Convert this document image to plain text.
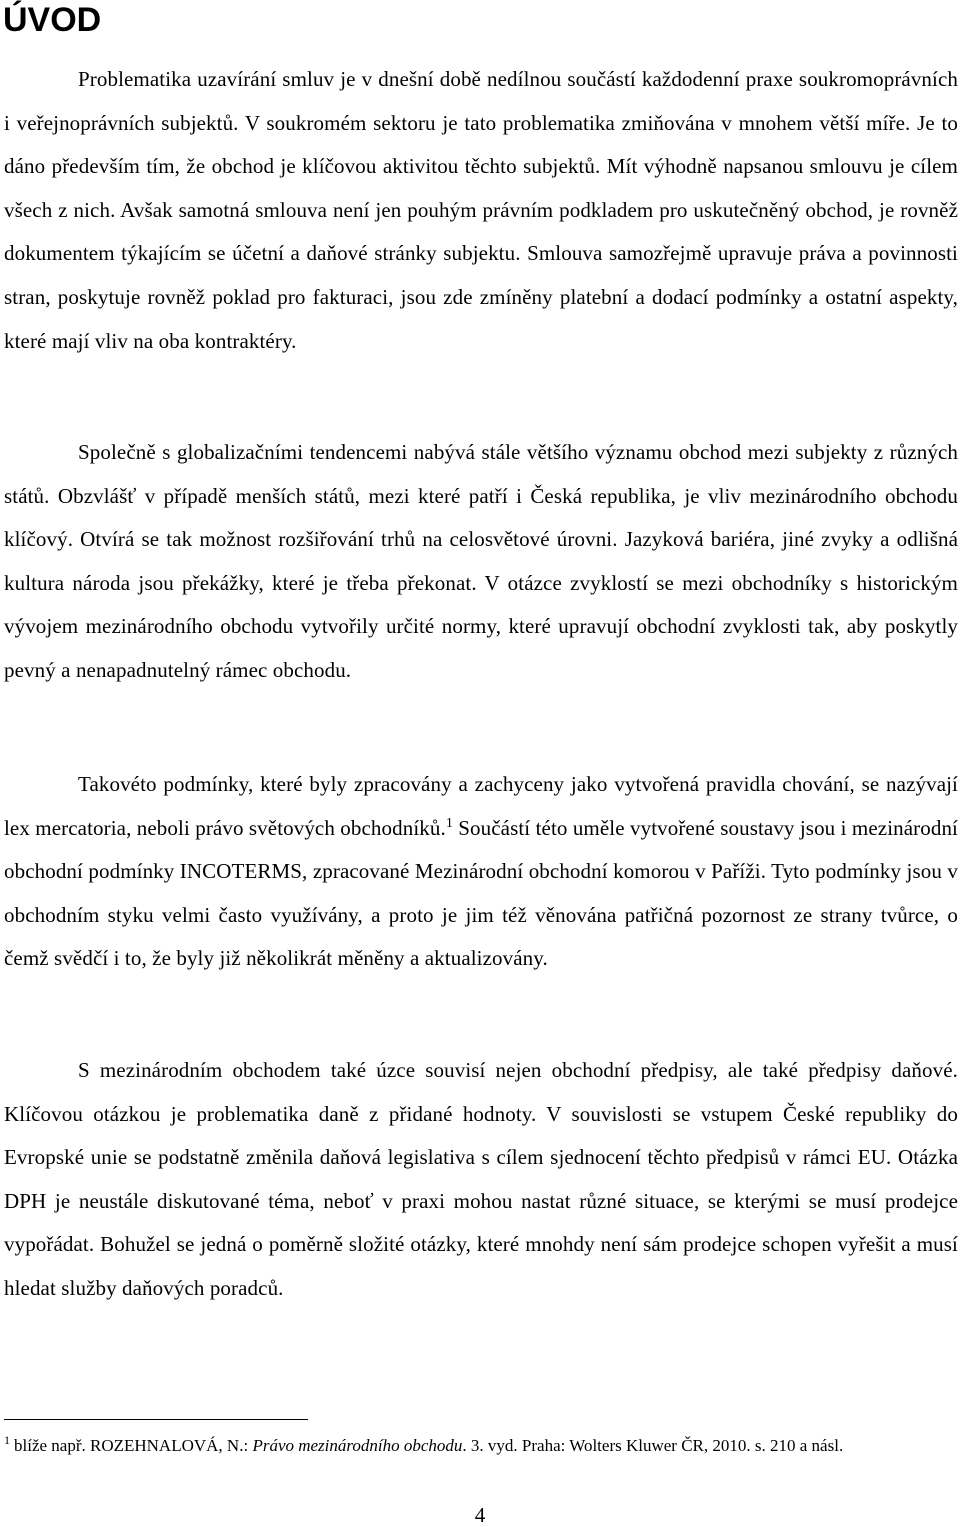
ÚVOD

Problematika uzavírání smluv je v dnešní době nedílnou součástí každodenní praxe soukromoprávních i veřejnoprávních subjektů. V soukromém sektoru je tato problematika zmiňována v mnohem větší míře. Je to dáno především tím, že obchod je klíčovou aktivitou těchto subjektů. Mít výhodně napsanou smlouvu je cílem všech z nich. Avšak samotná smlouva není jen pouhým právním podkladem pro uskutečněný obchod, je rovněž dokumentem týkajícím se účetní a daňové stránky subjektu. Smlouva samozřejmě upravuje práva a povinnosti stran, poskytuje rovněž poklad pro fakturaci, jsou zde zmíněny platební a dodací podmínky a ostatní aspekty, které mají vliv na oba kontraktéry.

Společně s globalizačními tendencemi nabývá stále většího významu obchod mezi subjekty z různých států. Obzvlášť v případě menších států, mezi které patří i Česká republika, je vliv mezinárodního obchodu klíčový. Otvírá se tak možnost rozšiřování trhů na celosvětové úrovni. Jazyková bariéra, jiné zvyky a odlišná kultura národa jsou překážky, které je třeba překonat. V otázce zvyklostí se mezi obchodníky s historickým vývojem mezinárodního obchodu vytvořily určité normy, které upravují obchodní zvyklosti tak, aby poskytly pevný a nenapadnutelný rámec obchodu.

Takovéto podmínky, které byly zpracovány a zachyceny jako vytvořená pravidla chování, se nazývají lex mercatoria, neboli právo světových obchodníků.$^1$ Součástí této uměle vytvořené soustavy jsou i mezinárodní obchodní podmínky INCOTERMS, zpracované Mezinárodní obchodní komorou v Paříži. Tyto podmínky jsou v obchodním styku velmi často využívány, a proto je jim též věnována patřičná pozornost ze strany tvůrce, o čemž svědčí i to, že byly již několikrát měněny a aktualizovány.

S mezinárodním obchodem také úzce souvisí nejen obchodní předpisy, ale také předpisy daňové. Klíčovou otázkou je problematika daně z přidané hodnoty. V souvislosti se vstupem České republiky do Evropské unie se podstatně změnila daňová legislativa s cílem sjednocení těchto předpisů v rámci EU. Otázka DPH je neustále diskutované téma, neboť v praxi mohou nastat různé situace, se kterými se musí prodejce vypořádat. Bohužel se jedná o poměrně složité otázky, které mnohdy není sám prodejce schopen vyřešit a musí hledat služby daňových poradců.

$^1$ blíže např. ROZEHNALOVÁ, N.: Právo mezinárodního obchodu. 3. vyd. Praha: Wolters Kluwer ČR, 2010. s. 210 a násl.

4
